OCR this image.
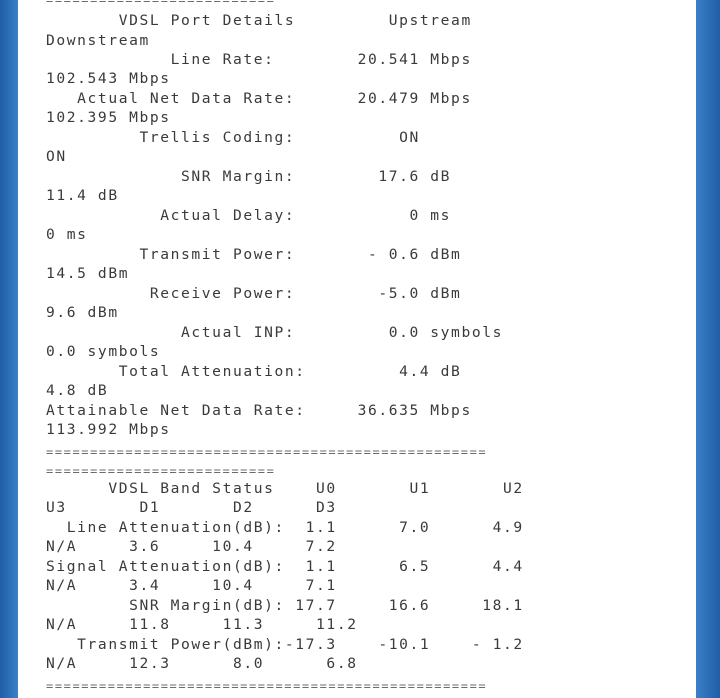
==========================
VDSL Port Details         Upstream
Downstream
Line Rate:        20.541 Mbps
102.543 Mbps
Actual Net Data Rate:      20.479 Mbps
102.395 Mbps
Trellis Coding:          ON
ON
SNR Margin:        17.6 dB
11.4 dB
Actual Delay:           0 ms
0 ms
Transmit Power:       - 0.6 dBm
14.5 dBm
Receive Power:        -5.0 dBm
9.6 dBm
Actual INP:         0.0 symbols
0.0 symbols
Total Attenuation:         4.4 dB
4.8 dB
Attainable Net Data Rate:     36.635 Mbps
113.992 Mbps
==================================================
==========================
VDSL Band Status    U0       U1       U2
U3       D1       D2      D3
Line Attenuation(dB):  1.1      7.0      4.9
N/A     3.6     10.4     7.2
Signal Attenuation(dB):  1.1      6.5      4.4
N/A     3.4     10.4     7.1
SNR Margin(dB): 17.7     16.6     18.1
N/A     11.8     11.3     11.2
Transmit Power(dBm):-17.3    -10.1    - 1.2
N/A     12.3      8.0      6.8
==================================================
